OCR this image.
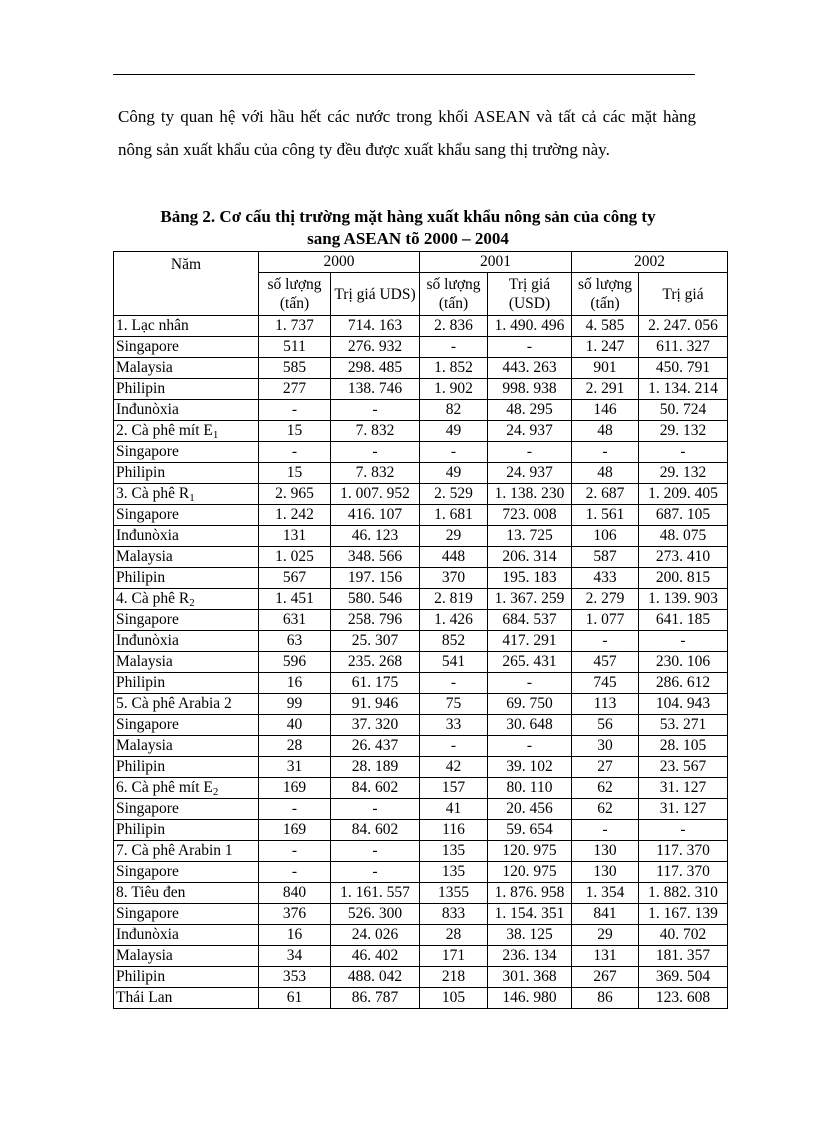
Công ty quan hệ với hầu hết các nước trong khối ASEAN và tất cả các mặt hàng nông sản xuất khẩu của công ty đều được xuất khẩu sang thị trường này.

Bảng 2. Cơ cấu thị trường mặt hàng xuất khẩu nông sản của công ty
sang ASEAN tõ 2000 – 2004
Năm	2000		2001		2002	
	số lượng (tấn)	Trị giá UDS)	số lượng (tấn)	Trị giá (USD)	số lượng (tấn)	Trị giá
1. Lạc nhân	1. 737	714. 163	2. 836	1. 490. 496	4. 585	2. 247. 056
Singapore	511	276. 932	-	-	1. 247	611. 327
Malaysia	585	298. 485	1. 852	443. 263	901	450. 791
Philipin	277	138. 746	1. 902	998. 938	2. 291	1. 134. 214
Inđunòxia	-	-	82	48. 295	146	50. 724
2. Cà phê mít $E_1$	15	7. 832	49	24. 937	48	29. 132
Singapore	-	-	-	-	-	-
Philipin	15	7. 832	49	24. 937	48	29. 132
3. Cà phê $R_1$	2. 965	1. 007. 952	2. 529	1. 138. 230	2. 687	1. 209. 405
Singapore	1. 242	416. 107	1. 681	723. 008	1. 561	687. 105
Inđunòxia	131	46. 123	29	13. 725	106	48. 075
Malaysia	1. 025	348. 566	448	206. 314	587	273. 410
Philipin	567	197. 156	370	195. 183	433	200. 815
4. Cà phê $R_2$	1. 451	580. 546	2. 819	1. 367. 259	2. 279	1. 139. 903
Singapore	631	258. 796	1. 426	684. 537	1. 077	641. 185
Inđunòxia	63	25. 307	852	417. 291	-	-
Malaysia	596	235. 268	541	265. 431	457	230. 106
Philipin	16	61. 175	-	-	745	286. 612
5. Cà phê Arabia 2	99	91. 946	75	69. 750	113	104. 943
Singapore	40	37. 320	33	30. 648	56	53. 271
Malaysia	28	26. 437	-	-	30	28. 105
Philipin	31	28. 189	42	39. 102	27	23. 567
6. Cà phê mít $E_2$	169	84. 602	157	80. 110	62	31. 127
Singapore	-	-	41	20. 456	62	31. 127
Philipin	169	84. 602	116	59. 654	-	-
7. Cà phê Arabin 1	-	-	135	120. 975	130	117. 370
Singapore	-	-	135	120. 975	130	117. 370
8. Tiêu đen	840	1. 161. 557	1355	1. 876. 958	1. 354	1. 882. 310
Singapore	376	526. 300	833	1. 154. 351	841	1. 167. 139
Inđunòxia	16	24. 026	28	38. 125	29	40. 702
Malaysia	34	46. 402	171	236. 134	131	181. 357
Philipin	353	488. 042	218	301. 368	267	369. 504
Thái Lan	61	86. 787	105	146. 980	86	123. 608
